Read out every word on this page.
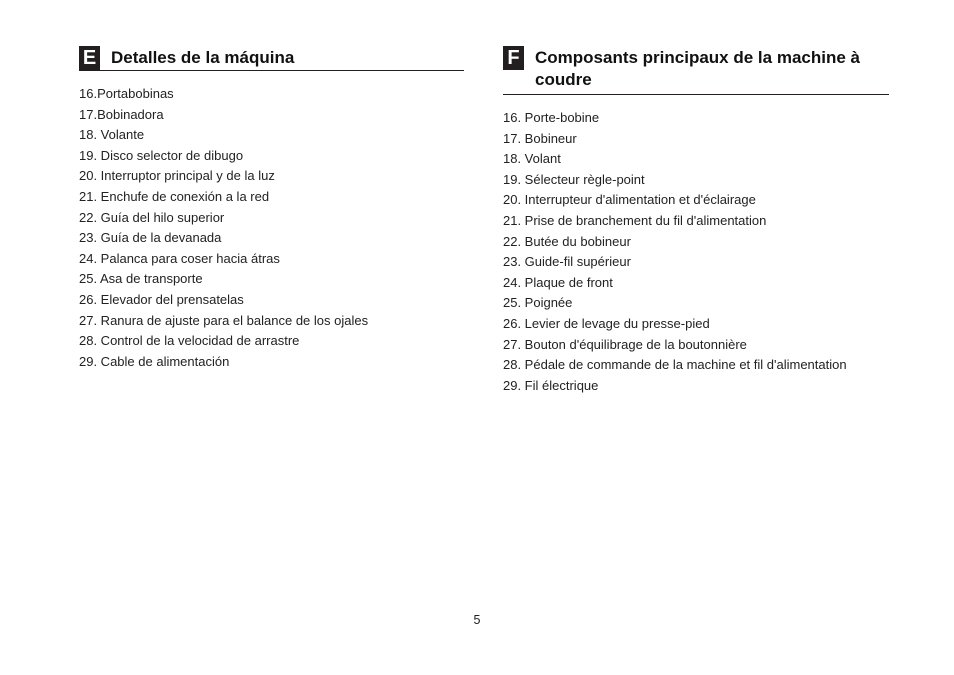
E Detalles de la máquina
16.Portabobinas
17.Bobinadora
18. Volante
19. Disco selector de dibugo
20. Interruptor principal y de la luz
21. Enchufe de conexión a la red
22. Guía del hilo superior
23. Guía de la devanada
24. Palanca para coser hacia átras
25. Asa de transporte
26. Elevador del prensatelas
27. Ranura de ajuste para el balance de los ojales
28. Control de la velocidad de arrastre
29. Cable de alimentación
F Composants principaux de la machine à coudre
16. Porte-bobine
17. Bobineur
18. Volant
19. Sélecteur règle-point
20. Interrupteur d'alimentation et d'éclairage
21. Prise de branchement du fil d'alimentation
22. Butée du bobineur
23. Guide-fil supérieur
24. Plaque de front
25. Poignée
26. Levier de levage du presse-pied
27. Bouton d'équilibrage de la boutonnière
28. Pédale de commande de la machine et fil d'alimentation
29. Fil électrique
5
